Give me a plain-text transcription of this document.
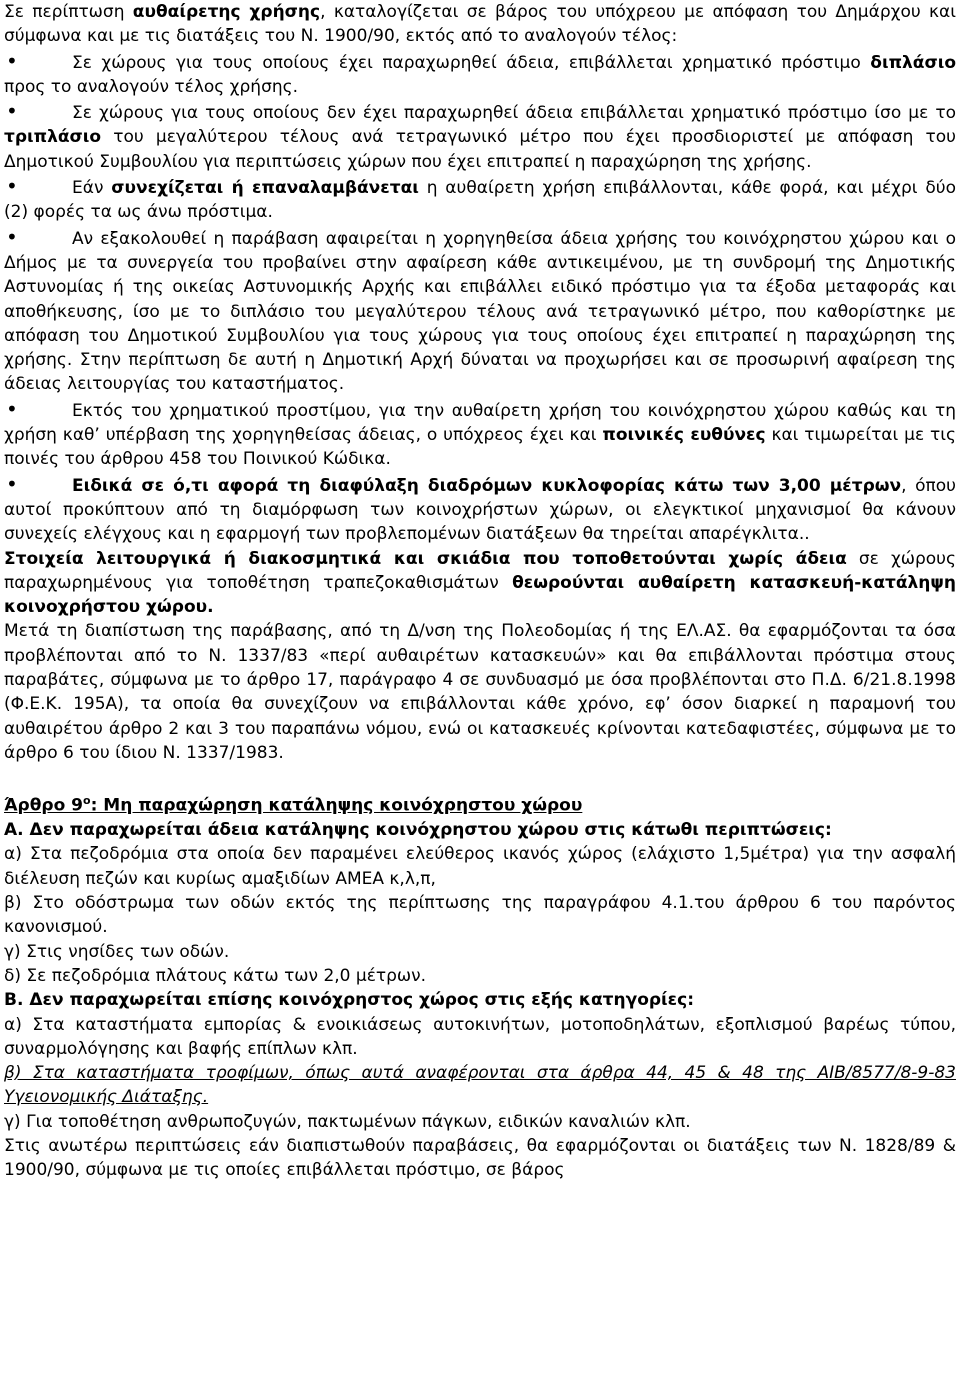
Σε περίπτωση αυθαίρετης χρήσης, καταλογίζεται σε βάρος του υπόχρεου με απόφαση του Δημάρχου και σύμφωνα και με τις διατάξεις του Ν. 1900/90, εκτός από το αναλογούν τέλος:

•Σε χώρους για τους οποίους έχει παραχωρηθεί άδεια, επιβάλλεται χρηματικό πρόστιμο διπλάσιο προς το αναλογούν τέλος χρήσης.

•Σε χώρους για τους οποίους δεν έχει παραχωρηθεί άδεια επιβάλλεται χρηματικό πρόστιμο ίσο με το τριπλάσιο του μεγαλύτερου τέλους ανά τετραγωνικό μέτρο που έχει προσδιοριστεί με απόφαση του Δημοτικού Συμβουλίου για περιπτώσεις χώρων που έχει επιτραπεί η παραχώρηση της χρήσης.

•Εάν συνεχίζεται ή επαναλαμβάνεται η αυθαίρετη χρήση επιβάλλονται, κάθε φορά, και μέχρι δύο (2) φορές τα ως άνω πρόστιμα.

•Αν εξακολουθεί η παράβαση αφαιρείται η χορηγηθείσα άδεια χρήσης του κοινόχρηστου χώρου και ο Δήμος με τα συνεργεία του προβαίνει στην αφαίρεση κάθε αντικειμένου, με τη συνδρομή της Δημοτικής Αστυνομίας ή της οικείας Αστυνομικής Αρχής και επιβάλλει ειδικό πρόστιμο για τα έξοδα μεταφοράς και αποθήκευσης, ίσο με το διπλάσιο του μεγαλύτερου τέλους ανά τετραγωνικό μέτρο, που καθορίστηκε με απόφαση του Δημοτικού Συμβουλίου για τους χώρους για τους οποίους έχει επιτραπεί η παραχώρηση της χρήσης. Στην περίπτωση δε αυτή η Δημοτική Αρχή δύναται να προχωρήσει και σε προσωρινή αφαίρεση της άδειας λειτουργίας του καταστήματος.

•Εκτός του χρηματικού προστίμου, για την αυθαίρετη χρήση του κοινόχρηστου χώρου καθώς και τη χρήση καθ’ υπέρβαση της χορηγηθείσας άδειας, ο υπόχρεος έχει και ποινικές ευθύνες και τιμωρείται με τις ποινές του άρθρου 458 του Ποινικού Κώδικα.

•Ειδικά σε ό,τι αφορά τη διαφύλαξη διαδρόμων κυκλοφορίας κάτω των 3,00 μέτρων, όπου αυτοί προκύπτουν από τη διαμόρφωση των κοινοχρήστων χώρων, οι ελεγκτικοί μηχανισμοί θα κάνουν συνεχείς ελέγχους και η εφαρμογή των προβλεπομένων διατάξεων θα τηρείται απαρέγκλιτα..

Στοιχεία λειτουργικά ή διακοσμητικά και σκιάδια που τοποθετούνται χωρίς άδεια σε χώρους παραχωρημένους για τοποθέτηση τραπεζοκαθισμάτων θεωρούνται αυθαίρετη κατασκευή-κατάληψη κοινοχρήστου χώρου.

Μετά τη διαπίστωση της παράβασης, από τη Δ/νση της Πολεοδομίας ή της ΕΛ.ΑΣ. θα εφαρμόζονται τα όσα προβλέπονται από το Ν. 1337/83 «περί αυθαιρέτων κατασκευών» και θα επιβάλλονται πρόστιμα στους παραβάτες, σύμφωνα με το άρθρο 17, παράγραφο 4 σε συνδυασμό με όσα προβλέπονται στο Π.Δ. 6/21.8.1998 (Φ.Ε.Κ. 195Α), τα οποία θα συνεχίζουν να επιβάλλονται κάθε χρόνο, εφ’ όσον διαρκεί η παραμονή του αυθαιρέτου άρθρο 2 και 3 του παραπάνω νόμου, ενώ οι κατασκευές κρίνονται κατεδαφιστέες, σύμφωνα με το άρθρο 6 του ίδιου Ν. 1337/1983.

Άρθρο $9^o$: Μη παραχώρηση κατάληψης κοινόχρηστου χώρου

Α. Δεν παραχωρείται άδεια κατάληψης κοινόχρηστου χώρου στις κάτωθι περιπτώσεις:

α) Στα πεζοδρόμια στα οποία δεν παραμένει ελεύθερος ικανός χώρος (ελάχιστο 1,5μέτρα) για την ασφαλή διέλευση πεζών και κυρίως αμαξιδίων ΑΜΕΑ κ,λ,π,

β) Στο οδόστρωμα των οδών εκτός της περίπτωσης της παραγράφου 4.1.του άρθρου 6 του παρόντος κανονισμού.

γ) Στις νησίδες των οδών.

δ) Σε πεζοδρόμια πλάτους κάτω των 2,0 μέτρων.

Β. Δεν παραχωρείται επίσης κοινόχρηστος χώρος στις εξής κατηγορίες:

α) Στα καταστήματα εμπορίας & ενοικιάσεως αυτοκινήτων, μοτοποδηλάτων, εξοπλισμού βαρέως τύπου, συναρμολόγησης και βαφής επίπλων κλπ.

β) Στα καταστήματα τροφίμων, όπως αυτά αναφέρονται στα άρθρα 44, 45 & 48 της ΑΙΒ/8577/8-9-83 Υγειονομικής Διάταξης.

γ) Για τοποθέτηση ανθρωποζυγών, πακτωμένων πάγκων, ειδικών καναλιών κλπ.

Στις ανωτέρω περιπτώσεις εάν διαπιστωθούν παραβάσεις, θα εφαρμόζονται οι διατάξεις των Ν. 1828/89 & 1900/90, σύμφωνα με τις οποίες επιβάλλεται πρόστιμο, σε βάρος
